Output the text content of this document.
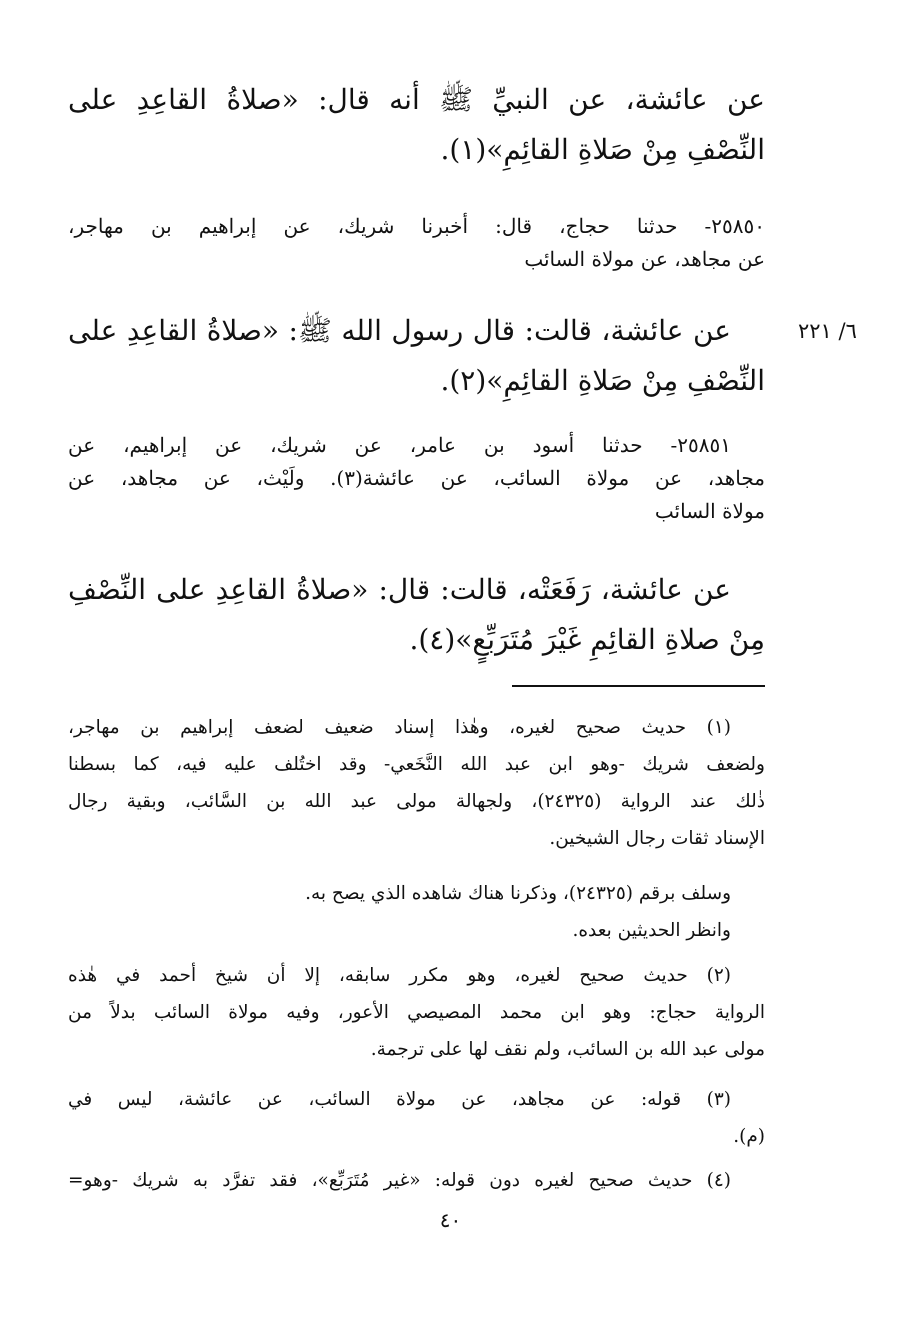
عن عائشة، عن النبيِّ ﷺ أنه قال: «صلاةُ القاعِدِ على
النِّصْفِ مِنْ صَلاةِ القائِمِ»(١).
٢٥٨٥٠- حدثنا حجاج، قال: أخبرنا شريك، عن إبراهيم بن مهاجر،
عن مجاهد، عن مولاة السائب
٦/ ٢٢١
عن عائشة، قالت: قال رسول الله ﷺ: «صلاةُ القاعِدِ على
النِّصْفِ مِنْ صَلاةِ القائِمِ»(٢).
٢٥٨٥١- حدثنا أسود بن عامر، عن شريك، عن إبراهيم، عن
مجاهد، عن مولاة السائب، عن عائشة(٣). ولَيْث، عن مجاهد، عن
مولاة السائب
عن عائشة، رَفَعَتْه، قالت: قال: «صلاةُ القاعِدِ على النِّصْفِ
مِنْ صلاةِ القائِمِ غَيْرَ مُتَرَبِّعٍ»(٤).
(١) حديث صحيح لغيره، وهٰذا إسناد ضعيف لضعف إبراهيم بن مهاجر،
ولضعف شريك -وهو ابن عبد الله النَّخَعي- وقد اختُلف عليه فيه، كما بسطنا
ذٰلك عند الرواية (٢٤٣٢٥)، ولجهالة مولى عبد الله بن السَّائب، وبقية رجال
الإسناد ثقات رجال الشيخين.
وسلف برقم (٢٤٣٢٥)، وذكرنا هناك شاهده الذي يصح به.
وانظر الحديثين بعده.
(٢) حديث صحيح لغيره، وهو مكرر سابقه، إلا أن شيخ أحمد في هٰذه
الرواية حجاج: وهو ابن محمد المصيصي الأعور، وفيه مولاة السائب بدلاً من
مولى عبد الله بن السائب، ولم نقف لها على ترجمة.
(٣) قوله: عن مجاهد، عن مولاة السائب، عن عائشة، ليس في
(م).
(٤) حديث صحيح لغيره دون قوله: «غير مُتَرَبِّع»، فقد تفرَّد به شريك -وهو=
٤٠
